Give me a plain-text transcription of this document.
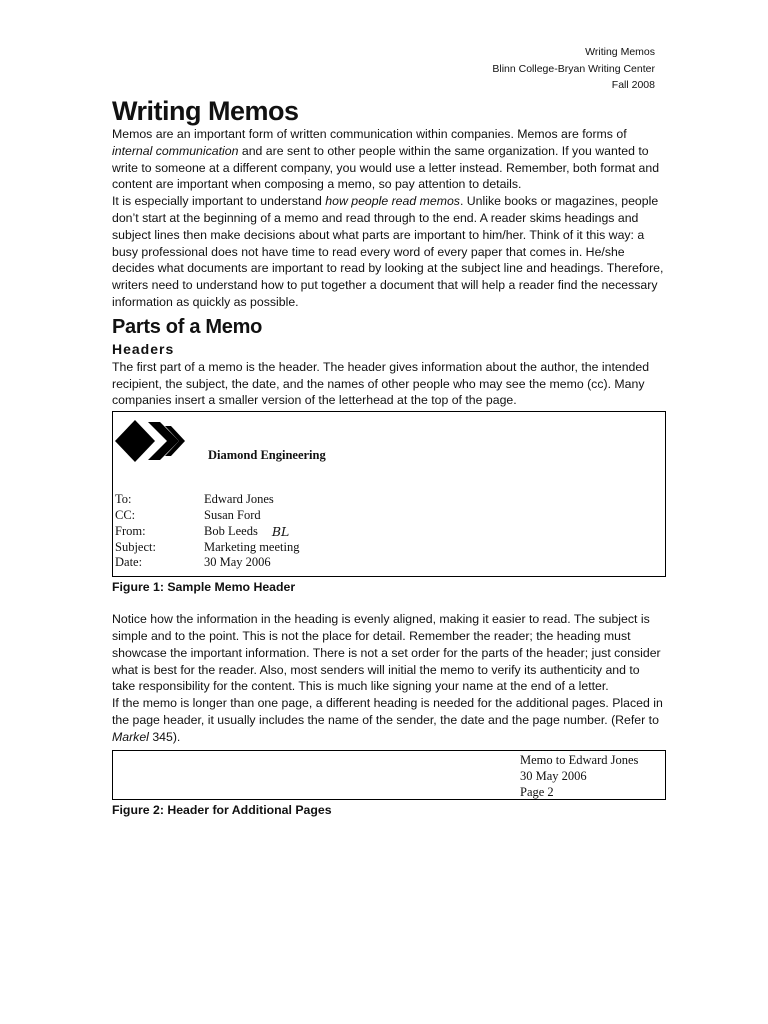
Writing Memos
Blinn College-Bryan Writing Center
Fall 2008
Writing Memos

Memos are an important form of written communication within companies. Memos are forms of internal communication and are sent to other people within the same organization. If you wanted to write to someone at a different company, you would use a letter instead. Remember, both format and content are important when composing a memo, so pay attention to details.

It is especially important to understand how people read memos. Unlike books or magazines, people don’t start at the beginning of a memo and read through to the end. A reader skims headings and subject lines then make decisions about what parts are important to him/her. Think of it this way: a busy professional does not have time to read every word of every paper that comes in. He/she decides what documents are important to read by looking at the subject line and headings. Therefore, writers need to understand how to put together a document that will help a reader find the necessary information as quickly as possible.

Parts of a Memo
Headers

The first part of a memo is the header. The header gives information about the author, the intended recipient, the subject, the date, and the names of other people who may see the memo (cc). Many companies insert a smaller version of the letterhead at the top of the page.

Diamond Engineering
To:	Edward Jones
CC:	Susan Ford
From:	Bob Leeds BL
Subject:	Marketing meeting
Date:	30 May 2006
Figure 1: Sample Memo Header

Notice how the information in the heading is evenly aligned, making it easier to read. The subject is simple and to the point. This is not the place for detail. Remember the reader; the heading must showcase the important information. There is not a set order for the parts of the header; just consider what is best for the reader. Also, most senders will initial the memo to verify its authenticity and to take responsibility for the content. This is much like signing your name at the end of a letter.

If the memo is longer than one page, a different heading is needed for the additional pages. Placed in the page header, it usually includes the name of the sender, the date and the page number. (Refer to Markel 345).

Memo to Edward Jones
30 May 2006
Page 2
Figure 2: Header for Additional Pages
